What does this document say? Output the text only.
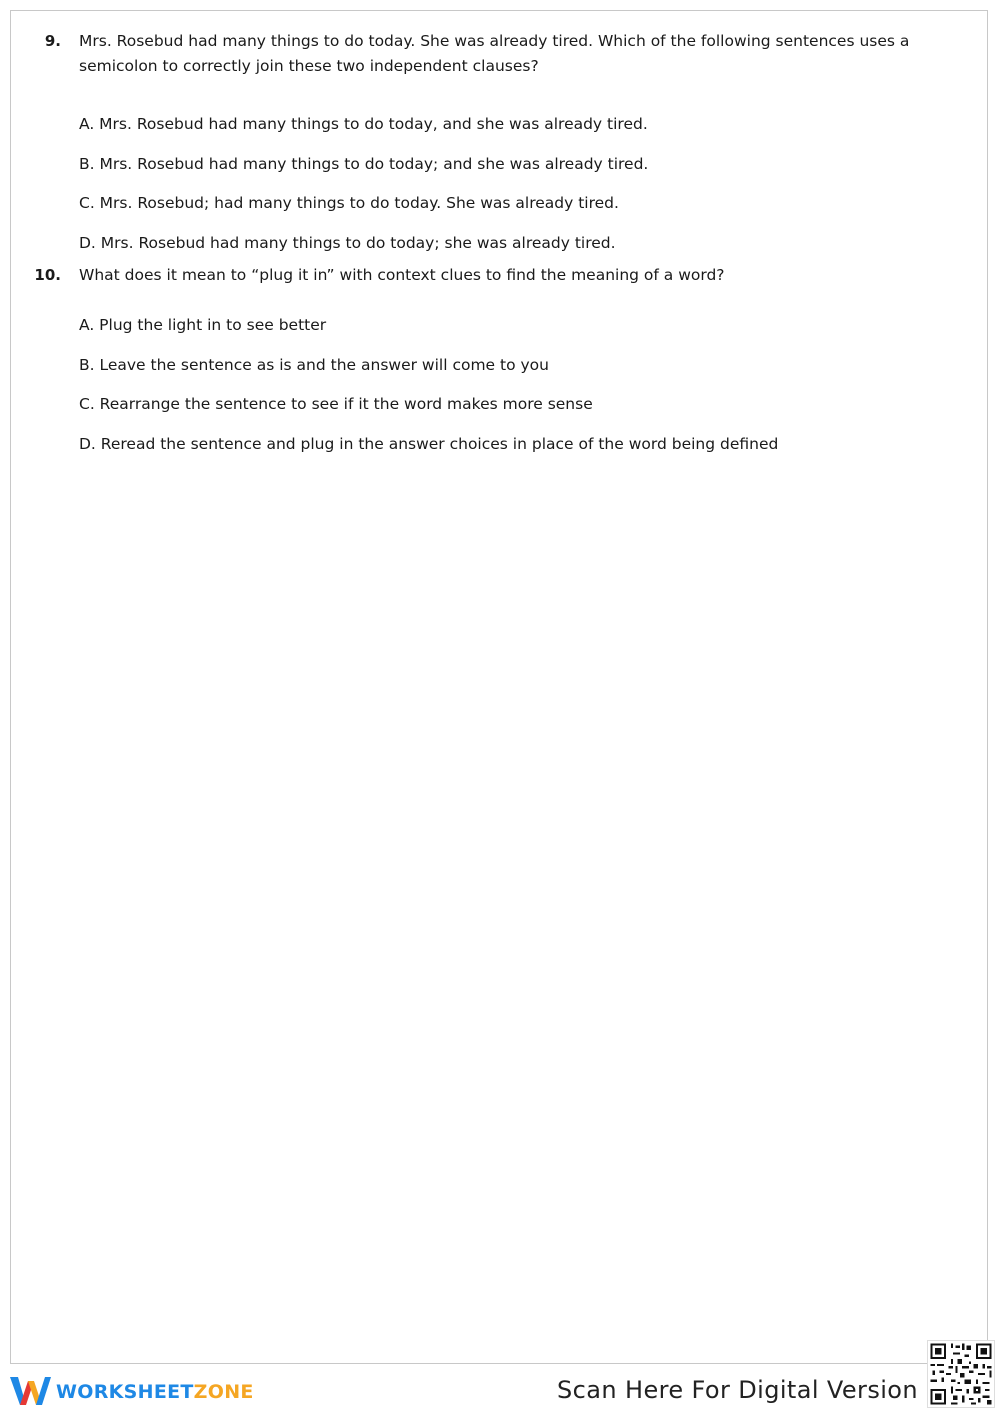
9. Mrs. Rosebud had many things to do today. She was already tired. Which of the following sentences uses a semicolon to correctly join these two independent clauses?
A. Mrs. Rosebud had many things to do today, and she was already tired.
B. Mrs. Rosebud had many things to do today; and she was already tired.
C. Mrs. Rosebud; had many things to do today. She was already tired.
D. Mrs. Rosebud had many things to do today; she was already tired.
10. What does it mean to “plug it in” with context clues to find the meaning of a word?
A. Plug the light in to see better
B. Leave the sentence as is and the answer will come to you
C. Rearrange the sentence to see if it the word makes more sense
D. Reread the sentence and plug in the answer choices in place of the word being defined
WORKSHEETZONE	Scan Here For Digital Version
